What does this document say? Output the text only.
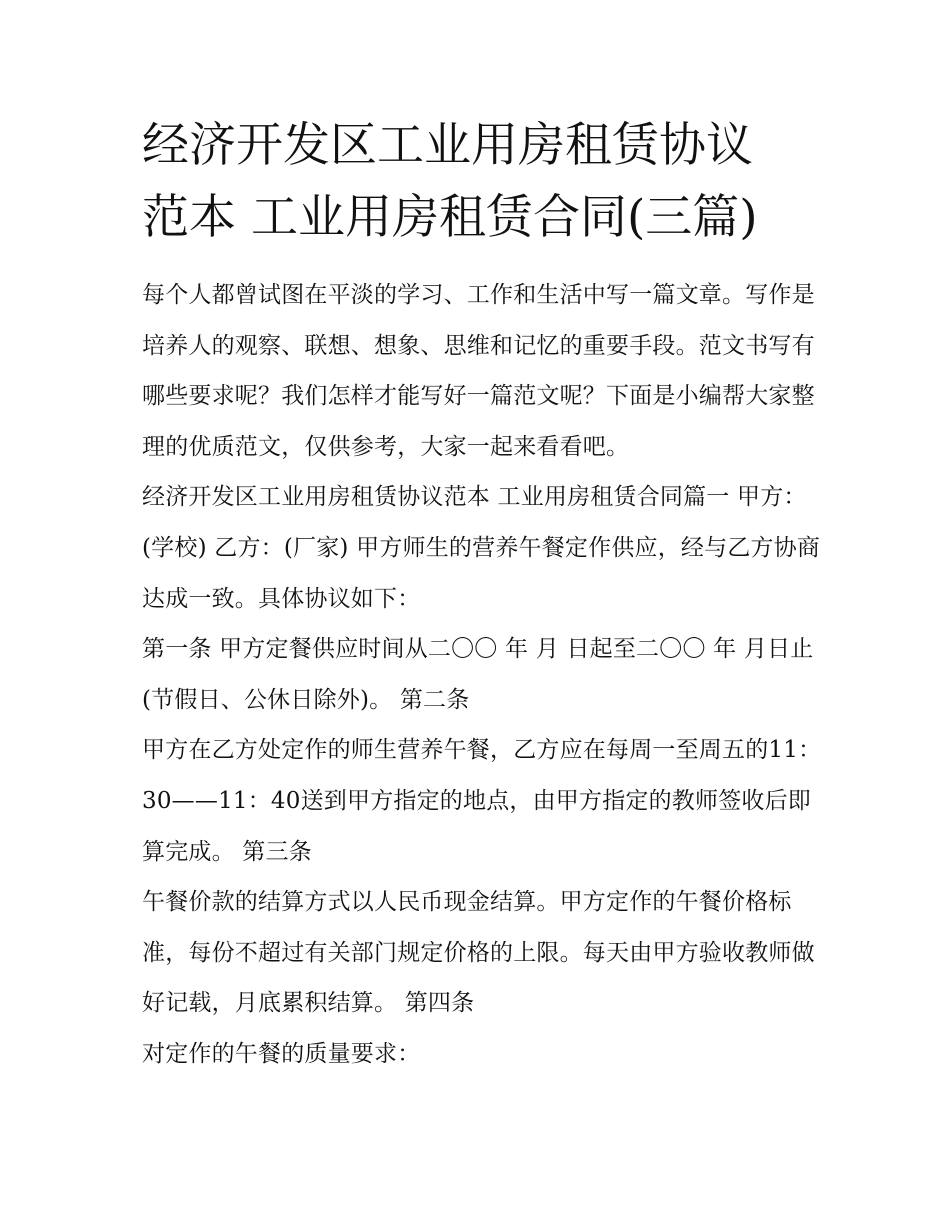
经济开发区工业用房租赁协议
范本 工业用房租赁合同(三篇)

每个人都曾试图在平淡的学习、工作和生活中写一篇文章。写作是培养人的观察、联想、想象、思维和记忆的重要手段。范文书写有哪些要求呢？我们怎样才能写好一篇范文呢？下面是小编帮大家整理的优质范文，仅供参考，大家一起来看看吧。

经济开发区工业用房租赁协议范本 工业用房租赁合同篇一 甲方：(学校) 乙方：(厂家) 甲方师生的营养午餐定作供应，经与乙方协商达成一致。具体协议如下：

第一条 甲方定餐供应时间从二〇〇 年 月 日起至二〇〇 年 月日止(节假日、公休日除外)。 第二条

甲方在乙方处定作的师生营养午餐，乙方应在每周一至周五的11：30——11：40送到甲方指定的地点，由甲方指定的教师签收后即算完成。 第三条

午餐价款的结算方式以人民币现金结算。甲方定作的午餐价格标准，每份不超过有关部门规定价格的上限。每天由甲方验收教师做好记载，月底累积结算。 第四条

对定作的午餐的质量要求：
